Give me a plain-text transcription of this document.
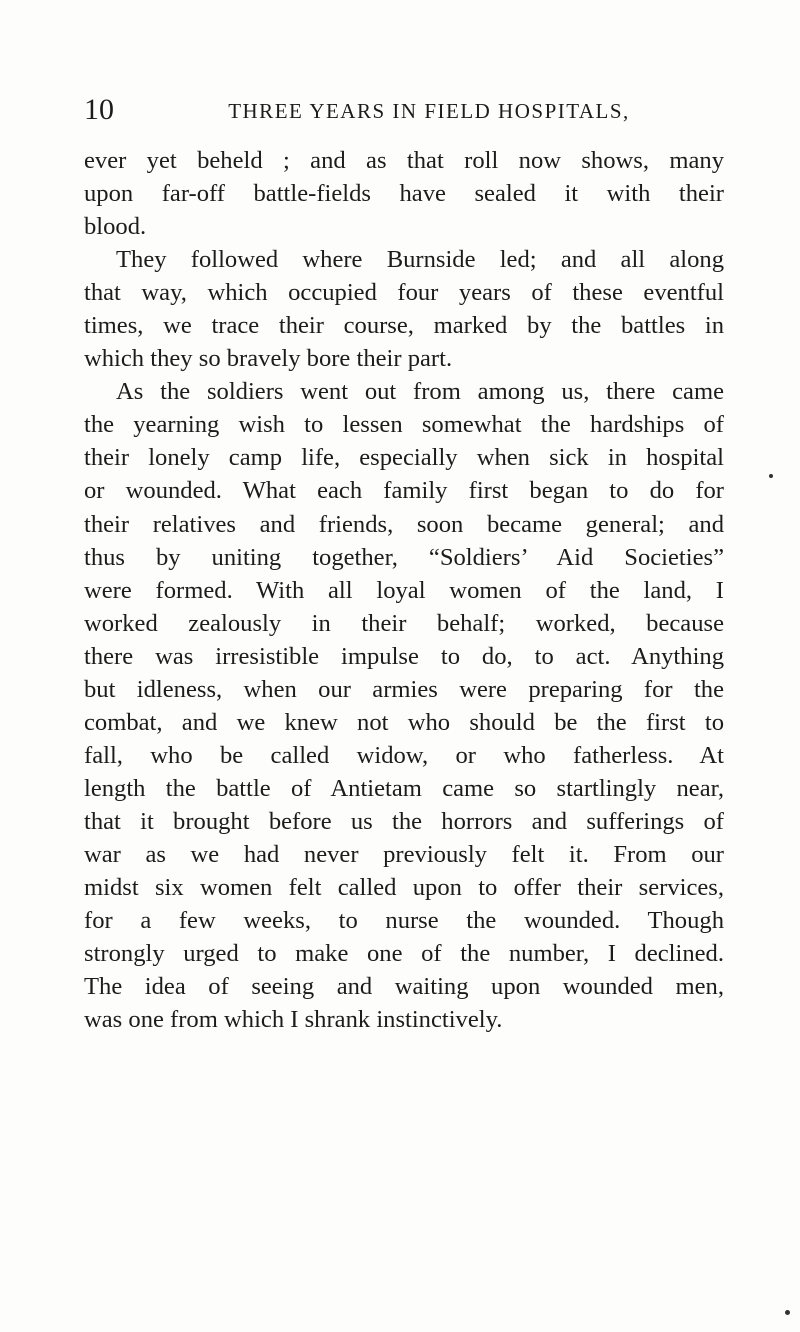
10	THREE YEARS IN FIELD HOSPITALS,
ever yet beheld ; and as that roll now shows, many
upon far-off battle-fields have sealed it with their
blood.
They followed where Burnside led; and all along
that way, which occupied four years of these eventful
times, we trace their course, marked by the battles in
which they so bravely bore their part.
As the soldiers went out from among us, there came
the yearning wish to lessen somewhat the hardships of
their lonely camp life, especially when sick in hospital
or wounded. What each family first began to do for
their relatives and friends, soon became general; and
thus by uniting together, “Soldiers’ Aid Societies”
were formed. With all loyal women of the land, I
worked zealously in their behalf; worked, because
there was irresistible impulse to do, to act. Anything
but idleness, when our armies were preparing for the
combat, and we knew not who should be the first to
fall, who be called widow, or who fatherless. At
length the battle of Antietam came so startlingly near,
that it brought before us the horrors and sufferings of
war as we had never previously felt it. From our
midst six women felt called upon to offer their services,
for a few weeks, to nurse the wounded. Though
strongly urged to make one of the number, I declined.
The idea of seeing and waiting upon wounded men,
was one from which I shrank instinctively.
